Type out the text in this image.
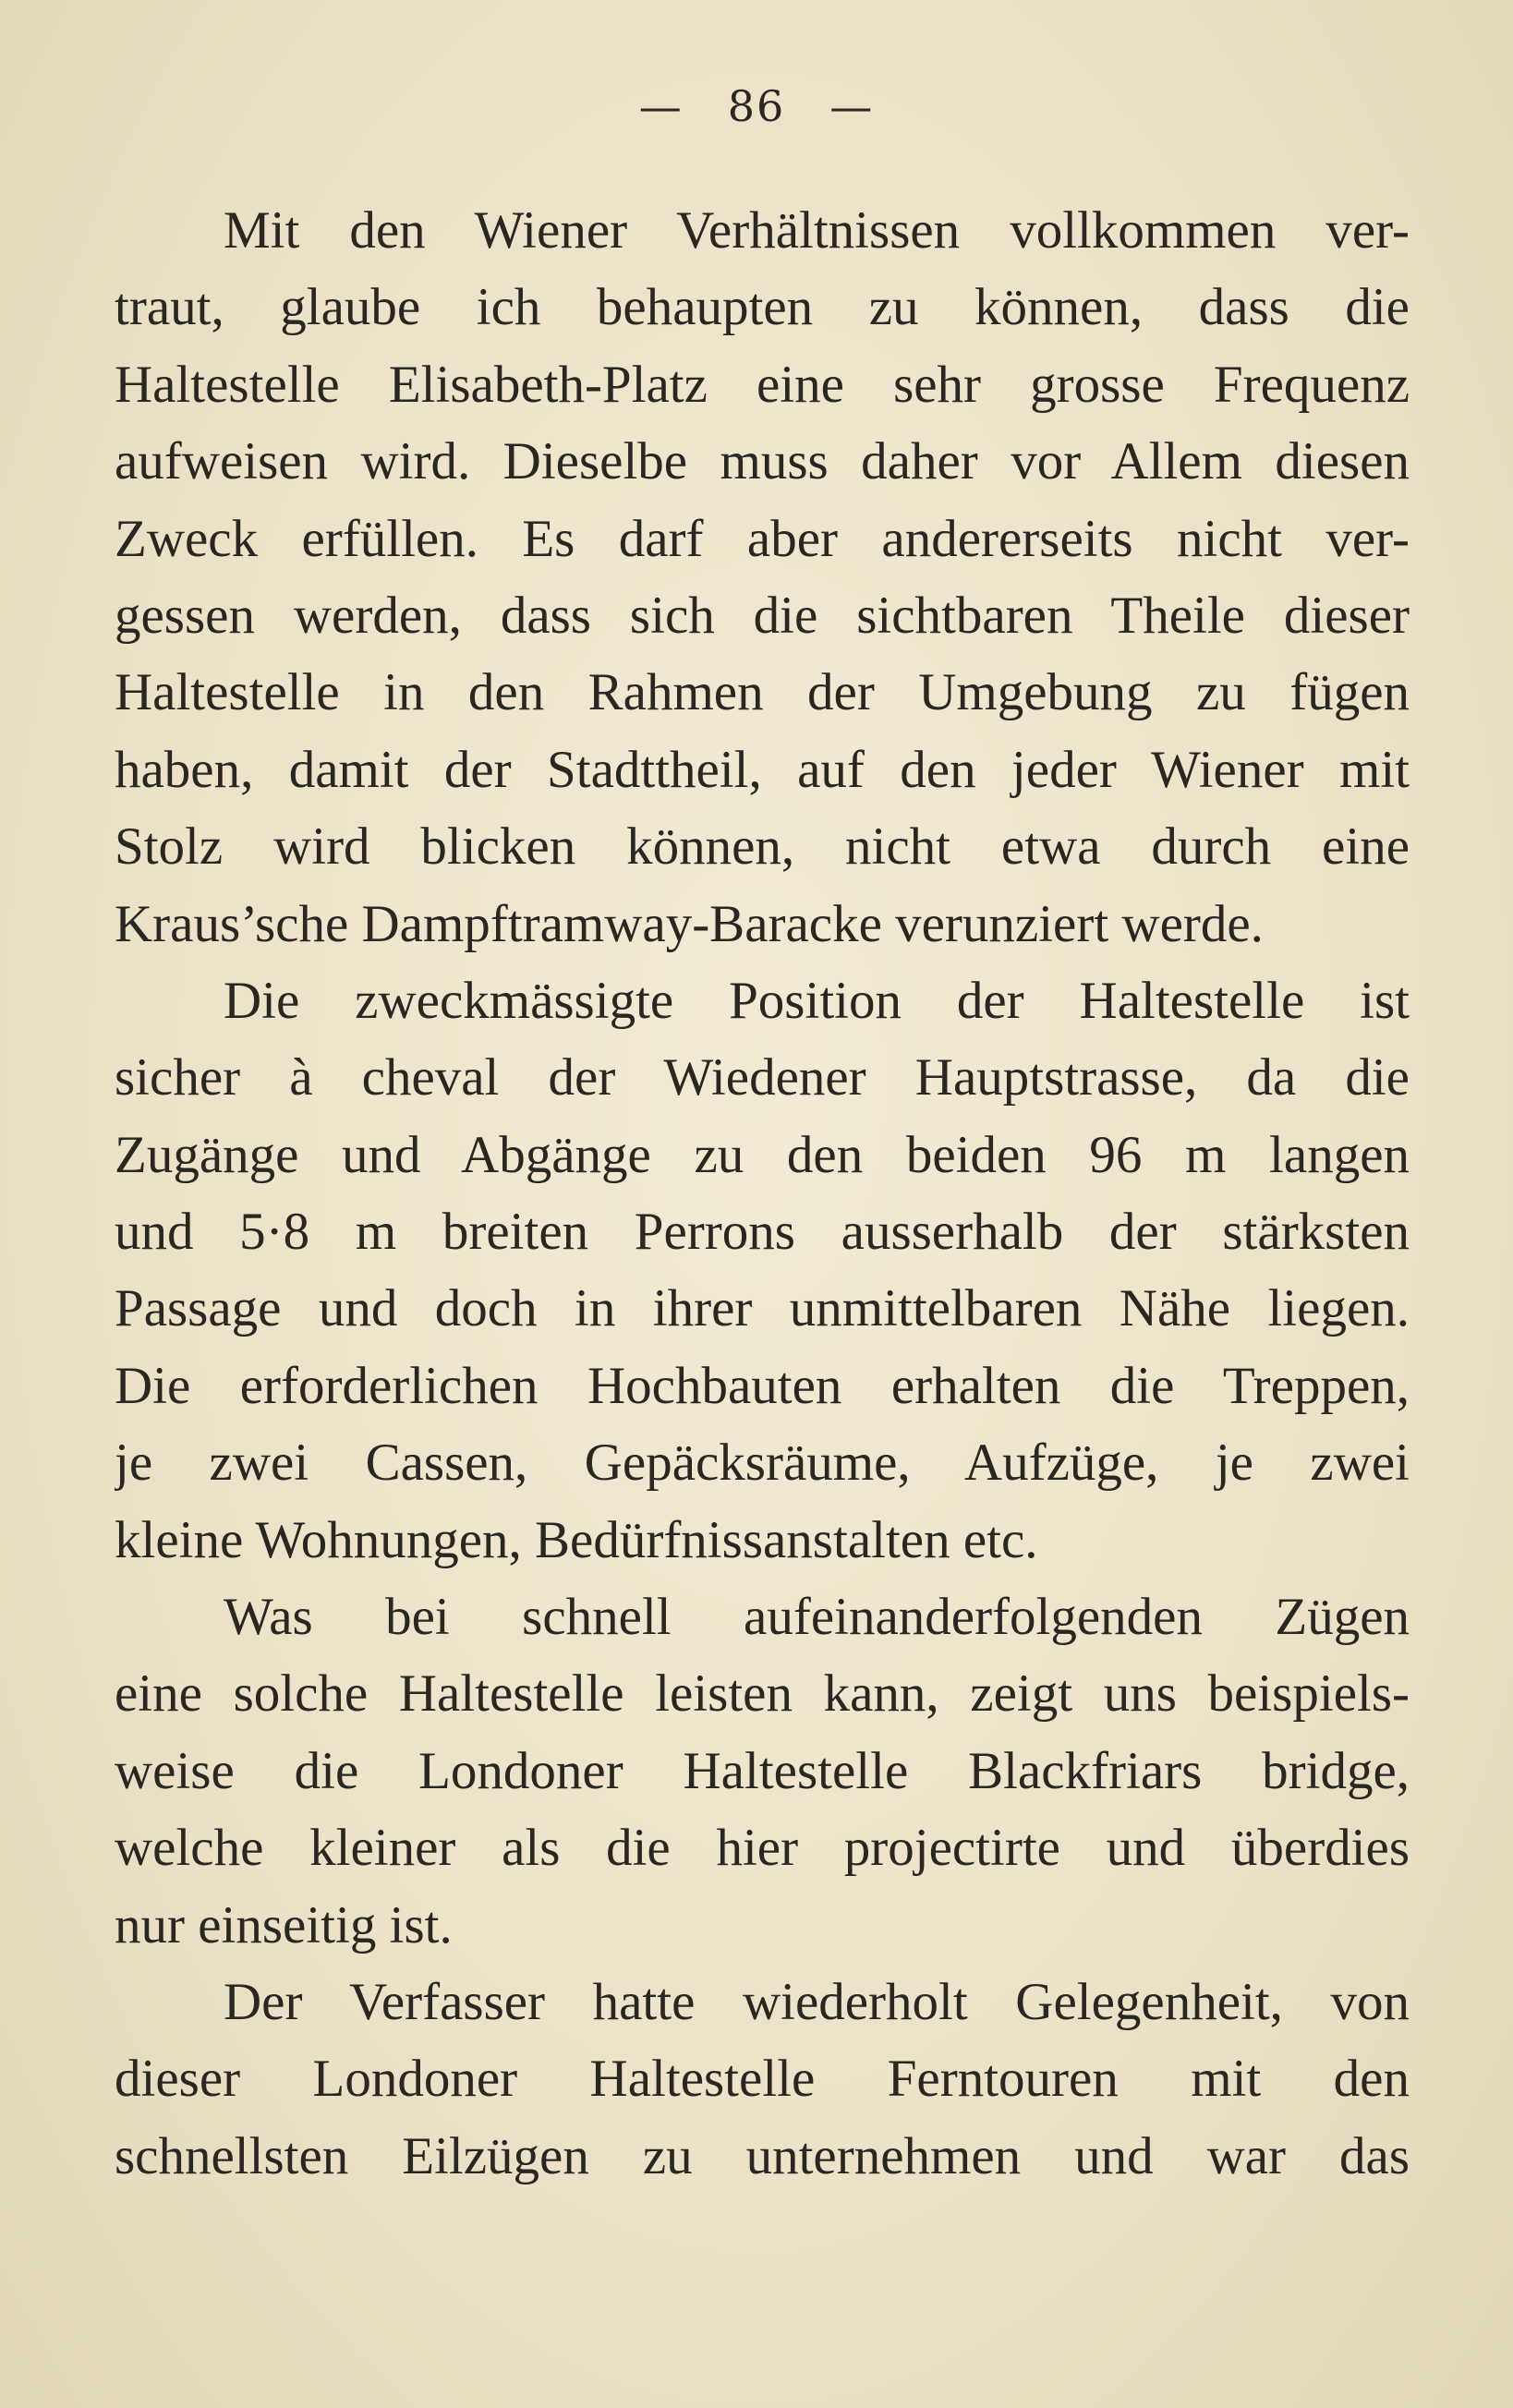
— 86 —
Mit den Wiener Verhältnissen vollkommen ver-
traut, glaube ich behaupten zu können, dass die
Haltestelle Elisabeth-Platz eine sehr grosse Frequenz
aufweisen wird. Dieselbe muss daher vor Allem diesen
Zweck erfüllen. Es darf aber andererseits nicht ver-
gessen werden, dass sich die sichtbaren Theile dieser
Haltestelle in den Rahmen der Umgebung zu fügen
haben, damit der Stadttheil, auf den jeder Wiener mit
Stolz wird blicken können, nicht etwa durch eine
Kraus’sche Dampftramway-Baracke verunziert werde.
Die zweckmässigte Position der Haltestelle ist
sicher à cheval der Wiedener Hauptstrasse, da die
Zugänge und Abgänge zu den beiden 96 m langen
und 5·8 m breiten Perrons ausserhalb der stärksten
Passage und doch in ihrer unmittelbaren Nähe liegen.
Die erforderlichen Hochbauten erhalten die Treppen,
je zwei Cassen, Gepäcksräume, Aufzüge, je zwei
kleine Wohnungen, Bedürfnissanstalten etc.
Was bei schnell aufeinanderfolgenden Zügen
eine solche Haltestelle leisten kann, zeigt uns beispiels-
weise die Londoner Haltestelle Blackfriars bridge,
welche kleiner als die hier projectirte und überdies
nur einseitig ist.
Der Verfasser hatte wiederholt Gelegenheit, von
dieser Londoner Haltestelle Ferntouren mit den
schnellsten Eilzügen zu unternehmen und war das
